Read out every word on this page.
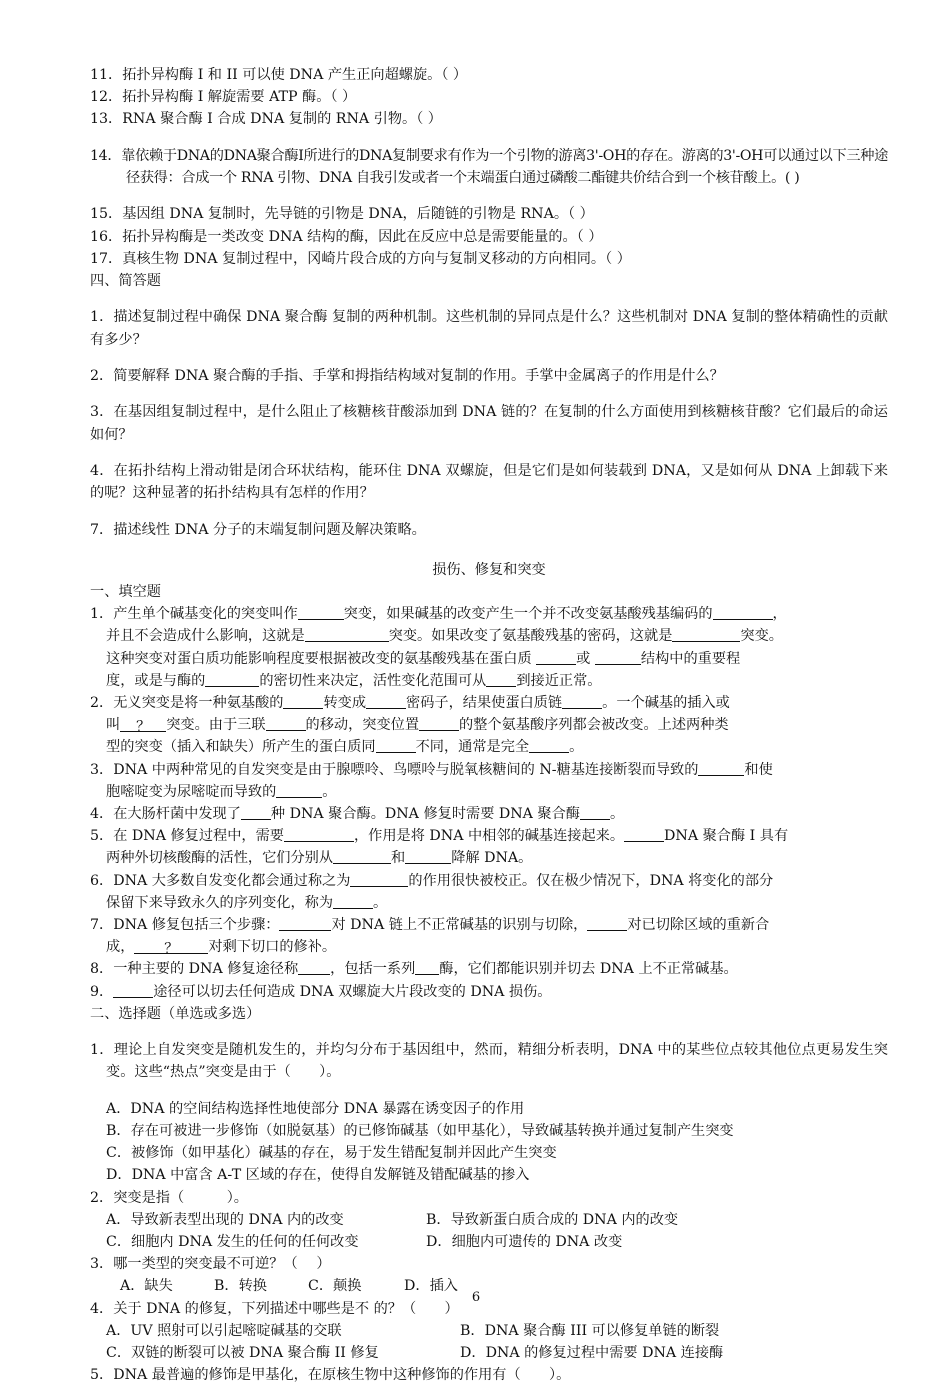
11．拓扑异构酶 I 和 II 可以使 DNA 产生正向超螺旋。（ ）

12．拓扑异构酶 I 解旋需要 ATP 酶。（ ）

13．RNA 聚合酶 I 合成 DNA 复制的 RNA 引物。（ ）

14．靠依赖于DNA的DNA聚合酶I所进行的DNA复制要求有作为一个引物的游离3'-OH的存在。游离的3'-OH可以通过以下三种途径获得：合成一个 RNA 引物、DNA 自我引发或者一个末端蛋白通过磷酸二酯键共价结合到一个核苷酸上。( )

15．基因组 DNA 复制时，先导链的引物是 DNA，后随链的引物是 RNA。（ ）

16．拓扑异构酶是一类改变 DNA 结构的酶，因此在反应中总是需要能量的。（ ）

17．真核生物 DNA 复制过程中，冈崎片段合成的方向与复制叉移动的方向相同。（ ）

四、简答题

1．描述复制过程中确保 DNA 聚合酶 复制的两种机制。这些机制的异同点是什么？这些机制对 DNA 复制的整体精确性的贡献有多少？

2．简要解释 DNA 聚合酶的手指、手掌和拇指结构域对复制的作用。手掌中金属离子的作用是什么？

3．在基因组复制过程中，是什么阻止了核糖核苷酸添加到 DNA 链的？在复制的什么方面使用到核糖核苷酸？它们最后的命运如何？

4．在拓扑结构上滑动钳是闭合环状结构，能环住 DNA 双螺旋，但是它们是如何装载到 DNA，又是如何从 DNA 上卸载下来的呢？这种显著的拓扑结构具有怎样的作用？

7．描述线性 DNA 分子的末端复制问题及解决策略。

损伤、修复和突变

一、填空题

1．产生单个碱基变化的突变叫作	突变，如果碱基的改变产生一个并不改变氨基酸残基编码的	，

并且不会造成什么影响，这就是	突变。如果改变了氨基酸残基的密码，这就是	突变。

这种突变对蛋白质功能影响程度要根据被改变的氨基酸残基在蛋白质	或	结构中的重要程

度，或是与酶的	的密切性来决定，活性变化范围可从 到接近正常。

2．无义突变是将一种氨基酸的	转变成	密码子，结果使蛋白质链	。一个碱基的插入或

叫 ？ 突变。由于三联	的移动，突变位置	的整个氨基酸序列都会被改变。上述两种类

型的突变（插入和缺失）所产生的蛋白质同	不同，通常是完全	。

3．DNA 中两种常见的自发突变是由于腺嘌呤、鸟嘌呤与脱氧核糖间的 N-糖基连接断裂而导致的	和使

胞嘧啶变为尿嘧啶而导致的	。

4．在大肠杆菌中发现了 种 DNA 聚合酶。DNA 修复时需要 DNA 聚合酶 。

5．在 DNA 修复过程中，需要	，作用是将 DNA 中相邻的碱基连接起来。	DNA 聚合酶 I 具有

两种外切核酸酶的活性，它们分别从	和	降解 DNA。

6．DNA 大多数自发变化都会通过称之为	的作用很快被校正。仅在极少情况下，DNA 将变化的部分

保留下来导致永久的序列变化，称为	。

7．DNA 修复包括三个步骤：	对 DNA 链上不正常碱基的识别与切除，	对已切除区域的重新合

成， ？ 对剩下切口的修补。

8．一种主要的 DNA 修复途径称 ，包括一系列 酶，它们都能识别并切去 DNA 上不正常碱基。

9．	途径可以切去任何造成 DNA 双螺旋大片段改变的 DNA 损伤。

二、选择题（单选或多选）

1．理论上自发突变是随机发生的，并均匀分布于基因组中，然而，精细分析表明，DNA 中的某些位点较其他位点更易发生突变。这些“热点”突变是由于（　　）。

A．DNA 的空间结构选择性地使部分 DNA 暴露在诱变因子的作用

B．存在可被进一步修饰（如脱氨基）的已修饰碱基（如甲基化），导致碱基转换并通过复制产生突变

C．被修饰（如甲基化）碱基的存在，易于发生错配复制并因此产生突变

D．DNA 中富含 A-T 区域的存在，使得自发解链及错配碱基的掺入

2．突变是指（　　　）。

A．导致新表型出现的 DNA 内的改变	B．导致新蛋白质合成的 DNA 内的改变
C．细胞内 DNA 发生的任何的任何改变	D．细胞内可遗传的 DNA 改变

3．哪一类型的突变最不可逆？（　 ）

A．缺失	B．转换	C．颠换	D．插入

4．关于 DNA 的修复，下列描述中哪些是不 的？（　　）

A．UV 照射可以引起嘧啶碱基的交联	B．DNA 聚合酶 III 可以修复单链的断裂
C．双链的断裂可以被 DNA 聚合酶 II 修复	D．DNA 的修复过程中需要 DNA 连接酶

5．DNA 最普遍的修饰是甲基化，在原核生物中这种修饰的作用有（　　）。

6
